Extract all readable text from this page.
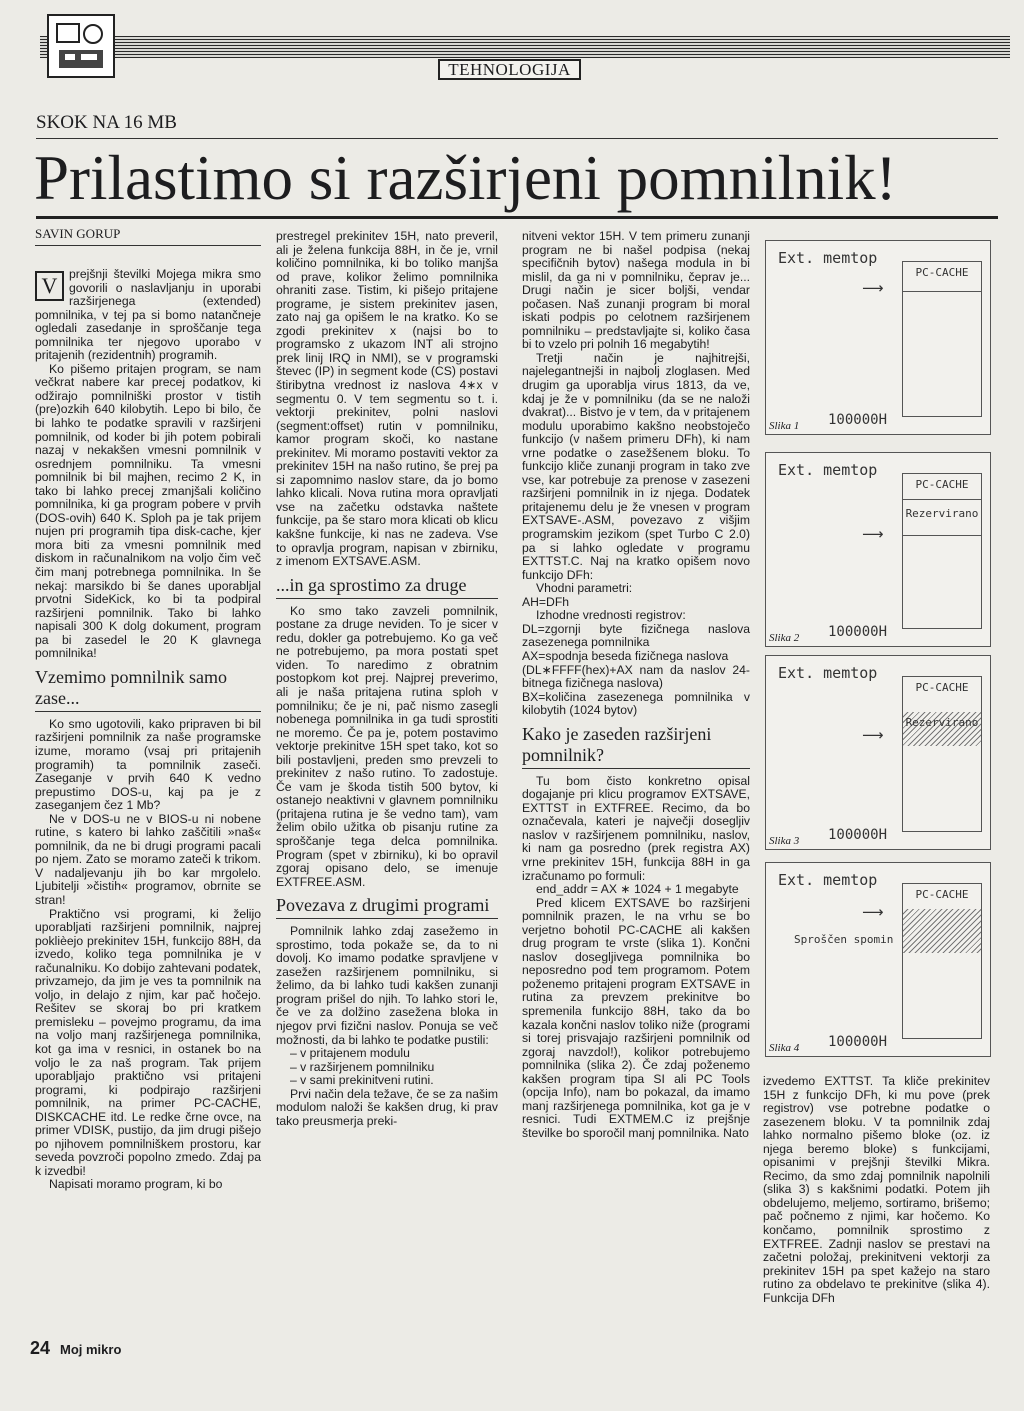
TEHNOLOGIJA
SKOK NA 16 MB
Prilastimo si razširjeni pomnilnik!
SAVIN GORUP

V prejšnji številki Mojega mikra smo govorili o naslavljanju in uporabi razširjenega (extended) pomnilnika, v tej pa si bomo natančneje ogledali zasedanje in sproščanje tega pomnilnika ter njegovo uporabo v pritajenih (rezidentnih) programih.

Ko pišemo pritajen program, se nam večkrat nabere kar precej podatkov, ki odžirajo pomnilniški prostor v tistih (pre)ozkih 640 kilobytih. Lepo bi bilo, če bi lahko te podatke spravili v razširjeni pomnilnik, od koder bi jih potem pobirali nazaj v nekakšen vmesni pomnilnik v osrednjem pomnilniku. Ta vmesni pomnilnik bi bil majhen, recimo 2 K, in tako bi lahko precej zmanjšali količino pomnilnika, ki ga program pobere v prvih (DOS-ovih) 640 K. Sploh pa je tak prijem nujen pri programih tipa disk-cache, kjer mora biti za vmesni pomnilnik med diskom in računalnikom na voljo čim več čim manj potrebnega pomnilnika. In še nekaj: marsikdo bi še danes uporabljal prvotni SideKick, ko bi ta podpiral razširjeni pomnilnik. Tako bi lahko napisali 300 K dolg dokument, program pa bi zasedel le 20 K glavnega pomnilnika!

Vzemimo pomnilnik samo zase...

Ko smo ugotovili, kako pripraven bi bil razširjeni pomnilnik za naše programske izume, moramo (vsaj pri pritajenih programih) ta pomnilnik zaseči. Zaseganje v prvih 640 K vedno prepustimo DOS-u, kaj pa je z zaseganjem čez 1 Mb?

Ne v DOS-u ne v BIOS-u ni nobene rutine, s katero bi lahko zaščitili »naš« pomnilnik, da ne bi drugi programi pacali po njem. Zato se moramo zateči k trikom. V nadaljevanju jih bo kar mrgolelo. Ljubitelji »čistih« programov, obrnite se stran!

Praktično vsi programi, ki želijo uporabljati razširjeni pomnilnik, najprej poklièejo prekinitev 15H, funkcijo 88H, da izvedo, koliko tega pomnilnika je v računalniku. Ko dobijo zahtevani podatek, privzamejo, da jim je ves ta pomnilnik na voljo, in delajo z njim, kar pač hočejo. Rešitev se skoraj bo pri kratkem premisleku – povejmo programu, da ima na voljo manj razširjenega pomnilnika, kot ga ima v resnici, in ostanek bo na voljo le za naš program. Tak prijem uporabljajo praktično vsi pritajeni programi, ki podpirajo razširjeni pomnilnik, na primer PC-CACHE, DISKCACHE itd. Le redke črne ovce, na primer VDISK, pustijo, da jim drugi pišejo po njihovem pomnilniškem prostoru, kar seveda povzroči popolno zmedo. Zdaj pa k izvedbi!

Napisati moramo program, ki bo

prestregel prekinitev 15H, nato preveril, ali je želena funkcija 88H, in če je, vrnil količino pomnilnika, ki bo toliko manjša od prave, kolikor želimo pomnilnika ohraniti zase. Tistim, ki pišejo pritajene programe, je sistem prekinitev jasen, zato naj ga opišem le na kratko. Ko se zgodi prekinitev x (najsi bo to programsko z ukazom INT ali strojno prek linij IRQ in NMI), se v programski števec (IP) in segment kode (CS) postavi štiribytna vrednost iz naslova 4∗x v segmentu 0. V tem segmentu so t. i. vektorji prekinitev, polni naslovi (segment:offset) rutin v pomnilniku, kamor program skoči, ko nastane prekinitev. Mi moramo postaviti vektor za prekinitev 15H na našo rutino, še prej pa si zapomnimo naslov stare, da jo bomo lahko klicali. Nova rutina mora opravljati vse na začetku odstavka naštete funkcije, pa še staro mora klicati ob klicu kakšne funkcije, ki nas ne zadeva. Vse to opravlja program, napisan v zbirniku, z imenom EXTSAVE.ASM.

...in ga sprostimo za druge

Ko smo tako zavzeli pomnilnik, postane za druge neviden. To je sicer v redu, dokler ga potrebujemo. Ko ga več ne potrebujemo, pa mora postati spet viden. To naredimo z obratnim postopkom kot prej. Najprej preverimo, ali je naša pritajena rutina sploh v pomnilniku; če je ni, pač nismo zasegli nobenega pomnilnika in ga tudi sprostiti ne moremo. Če pa je, potem postavimo vektorje prekinitve 15H spet tako, kot so bili postavljeni, preden smo prevzeli to prekinitev z našo rutino. To zadostuje. Če vam je škoda tistih 500 bytov, ki ostanejo neaktivni v glavnem pomnilniku (pritajena rutina je še vedno tam), vam želim obilo užitka ob pisanju rutine za sproščanje tega delca pomnilnika. Program (spet v zbirniku), ki bo opravil zgoraj opisano delo, se imenuje EXTFREE.ASM.

Povezava z drugimi programi

Pomnilnik lahko zdaj zasežemo in sprostimo, toda pokaže se, da to ni dovolj. Ko imamo podatke spravljene v zasežen razširjenem pomnilniku, si želimo, da bi lahko tudi kakšen zunanji program prišel do njih. To lahko stori le, če ve za dolžino zasežena bloka in njegov prvi fizični naslov. Ponuja se več možnosti, da bi lahko te podatke pustili:

– v pritajenem modulu

– v razširjenem pomnilniku

– v sami prekinitveni rutini.

Prvi način dela težave, če se za našim modulom naloži še kakšen drug, ki prav tako preusmerja preki-

nitveni vektor 15H. V tem primeru zunanji program ne bi našel podpisa (nekaj specifičnih bytov) našega modula in bi mislil, da ga ni v pomnilniku, čeprav je... Drugi način je sicer boljši, vendar počasen. Naš zunanji program bi moral iskati podpis po celotnem razširjenem pomnilniku – predstavljajte si, koliko časa bi to vzelo pri polnih 16 megabytih!

Tretji način je najhitrejši, najelegantnejši in najbolj zloglasen. Med drugim ga uporablja virus 1813, da ve, kdaj je že v pomnilniku (da se ne naloži dvakrat)... Bistvo je v tem, da v pritajenem modulu uporabimo kakšno neobstoječo funkcijo (v našem primeru DFh), ki nam vrne podatke o zasežšenem bloku. To funkcijo kliče zunanji program in tako zve vse, kar potrebuje za prenose v zasezeni razširjeni pomnilnik in iz njega. Dodatek pritajenemu delu je že vnesen v program EXTSAVE-.ASM, povezavo z višjim programskim jezikom (spet Turbo C 2.0) pa si lahko ogledate v programu EXTTST.C. Naj na kratko opišem novo funkcijo DFh:

Vhodni parametri:

AH=DFh

Izhodne vrednosti registrov:

DL=zgornji byte fizičnega naslova zasezenega pomnilnika

AX=spodnja beseda fizičnega naslova

(DL∗FFFF(hex)+AX nam da naslov 24-bitnega fizičnega naslova)

BX=količina zasezenega pomnilnika v kilobytih (1024 bytov)

Kako je zaseden razširjeni pomnilnik?

Tu bom čisto konkretno opisal dogajanje pri klicu programov EXTSAVE, EXTTST in EXTFREE. Recimo, da bo označevala, kateri je največji dosegljiv naslov v razširjenem pomnilniku, naslov, ki nam ga posredno (prek registra AX) vrne prekinitev 15H, funkcija 88H in ga izračunamo po formuli:

end_addr = AX ∗ 1024 + 1 megabyte

Pred klicem EXTSAVE bo razširjeni pomnilnik prazen, le na vrhu se bo verjetno bohotil PC-CACHE ali kakšen drug program te vrste (slika 1). Končni naslov dosegljivega pomnilnika bo neposredno pod tem programom. Potem poženemo pritajeni program EXTSAVE in rutina za prevzem prekinitve bo spremenila funkcijo 88H, tako da bo kazala končni naslov toliko niže (programi si torej prisvajajo razširjeni pomnilnik od zgoraj navzdol!), kolikor potrebujemo pomnilnika (slika 2). Če zdaj poženemo kakšen program tipa SI ali PC Tools (opcija Info), nam bo pokazal, da imamo manj razširjenega pomnilnika, kot ga je v resnici. Tudi EXTMEM.C iz prejšnje številke bo sporočil manj pomnilnika. Nato

Ext. memtop
PC-CACHE
⟶
100000H
Slika 1
Ext. memtop
PC-CACHE
Rezervirano
⟶
100000H
Slika 2
Ext. memtop
PC-CACHE
Rezervirano
⟶
100000H
Slika 3
Ext. memtop
PC-CACHE
⟶
Sproščen spomin
100000H
Slika 4

izvedemo EXTTST. Ta kliče prekinitev 15H z funkcijo DFh, ki mu pove (prek registrov) vse potrebne podatke o zasezenem bloku. V ta pomnilnik zdaj lahko normalno pišemo bloke (oz. iz njega beremo bloke) s funkcijami, opisanimi v prejšnji številki Mikra. Recimo, da smo zdaj pomnilnik napolnili (slika 3) s kakšnimi podatki. Potem jih obdelujemo, meljemo, sortiramo, brišemo; pač počnemo z njimi, kar hočemo. Ko končamo, pomnilnik sprostimo z EXTFREE. Zadnji naslov se prestavi na začetni položaj, prekinitveni vektorji za prekinitev 15H pa spet kažejo na staro rutino za obdelavo te prekinitve (slika 4). Funkcija DFh

24 Moj mikro
